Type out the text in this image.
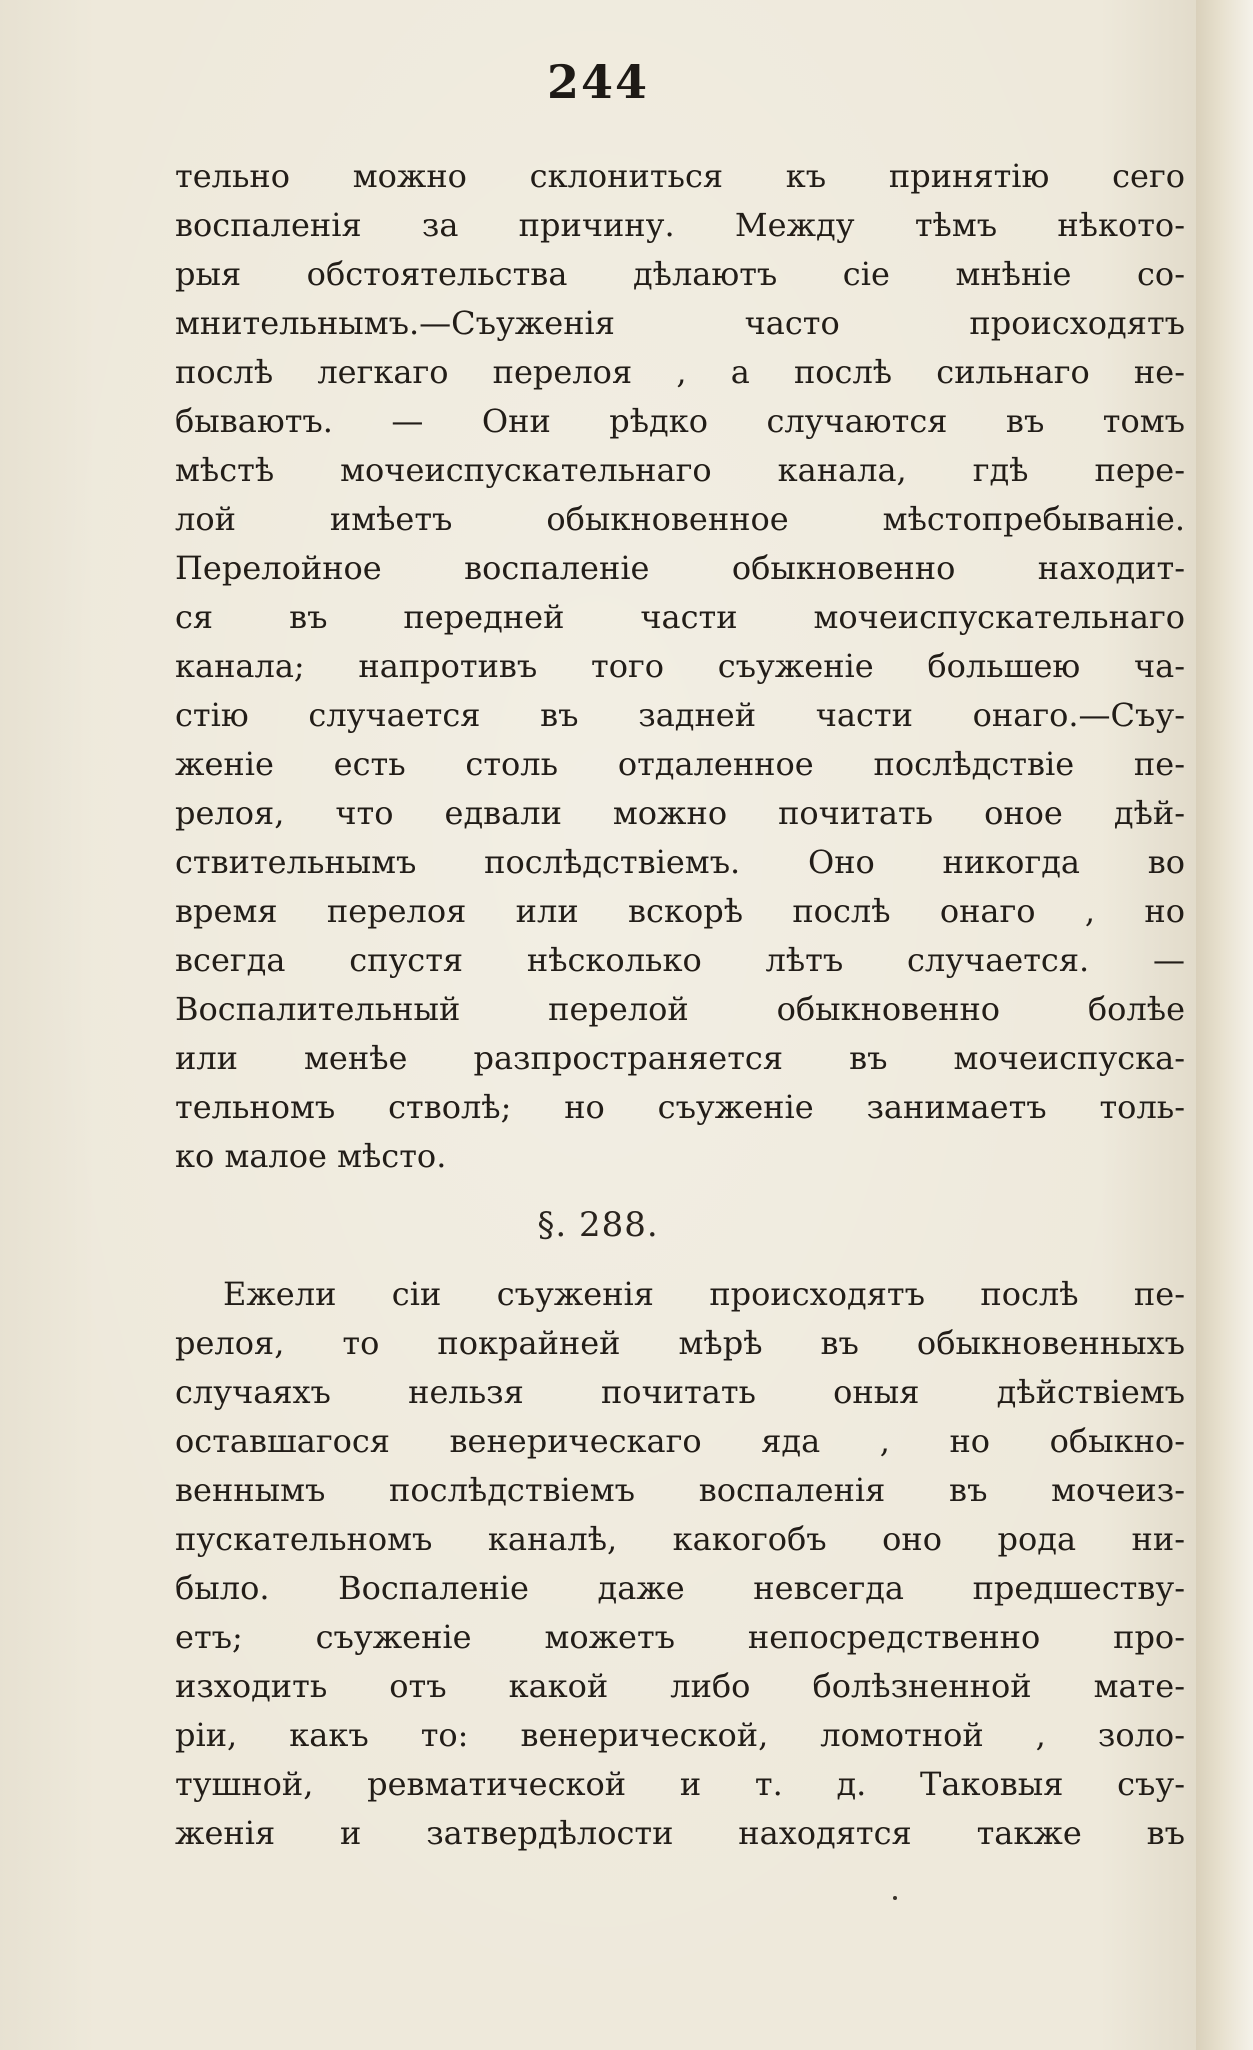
244
тельно можно склониться къ принятію сего
воспаленія за причину. Между тѣмъ нѣкото-
рыя обстоятельства дѣлаютъ сіе мнѣніе со-
мнительнымъ.—Съуженія часто происходятъ
послѣ легкаго перелоя , а послѣ сильнаго не-
бываютъ. — Они рѣдко случаются въ томъ
мѣстѣ мочеиспускательнаго канала, гдѣ пере-
лой имѣетъ обыкновенное мѣстопребываніе.
Перелойное воспаленіе обыкновенно находит-
ся въ передней части мочеиспускательнаго
канала; напротивъ того съуженіе большею ча-
стію случается въ задней части онаго.—Съу-
женіе есть столь отдаленное послѣдствіе пе-
релоя, что едвали можно почитать оное дѣй-
ствительнымъ послѣдствіемъ. Оно никогда во
время перелоя или вскорѣ послѣ онаго , но
всегда спустя нѣсколько лѣтъ случается. —
Воспалительный перелой обыкновенно болѣе
или менѣе разпространяется въ мочеиспуска-
тельномъ стволѣ; но съуженіе занимаетъ толь-
ко малое мѣсто.
§. 288.
Ежели сіи съуженія происходятъ послѣ пе-
релоя, то покрайней мѣрѣ въ обыкновенныхъ
случаяхъ нельзя почитать оныя дѣйствіемъ
оставшагося венерическаго яда , но обыкно-
веннымъ послѣдствіемъ воспаленія въ мочеиз-
пускательномъ каналѣ, какогобъ оно рода ни-
было. Воспаленіе даже невсегда предшеству-
етъ; съуженіе можетъ непосредственно про-
изходить отъ какой либо болѣзненной мате-
ріи, какъ то: венерической, ломотной , золо-
тушной, ревматической и т. д. Таковыя съу-
женія и затвердѣлости находятся также въ
